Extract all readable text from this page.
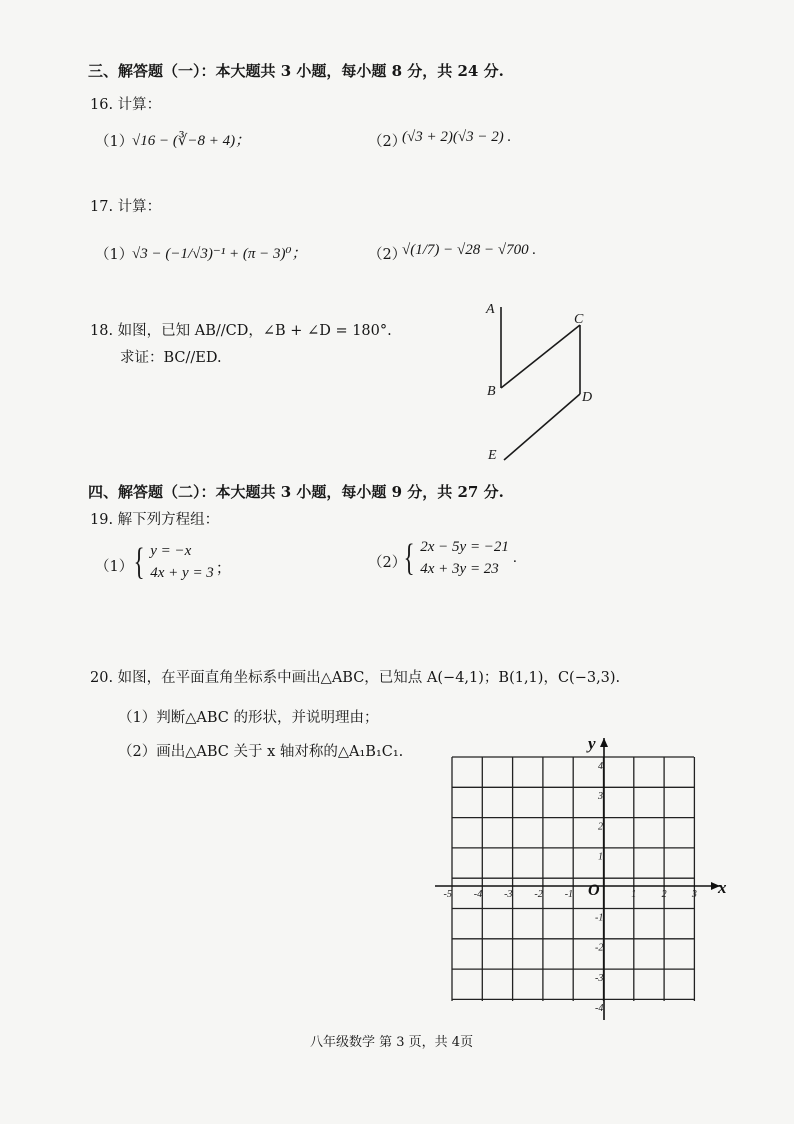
三、解答题（一）：本大题共 3 小题，每小题 8 分，共 24 分.
16. 计算：
（1）
√16 − (∛−8 + 4)；	（2）
(√3 + 2)(√3 − 2) .
17. 计算：
（1）
√3 − (−1/√3)⁻¹ + (π − 3)⁰；	（2）
√(1/7) − √28 − √700 .
18. 如图，已知 AB//CD，∠B + ∠D = 180°.
求证：BC//ED.
A
B
C
D
E
四、解答题（二）：本大题共 3 小题，每小题 9 分，共 27 分.
19. 解下列方程组：
（1） { y = −x
4x + y = 3 ；	（2）
{ 2x − 5y = −21
4x + 3y = 23
.
20. 如图，在平面直角坐标系中画出△ABC，已知点 A(−4,1)；B(1,1)，C(−3,3).
（1）判断△ABC 的形状，并说明理由；
（2）画出△ABC 关于 x 轴对称的△A₁B₁C₁.
-5 -4 -3 -2 -1	1	2	3
4
3
2
1
-1
-2
-3
-4
x
y
O
八年级数学 第 3 页，共 4页
